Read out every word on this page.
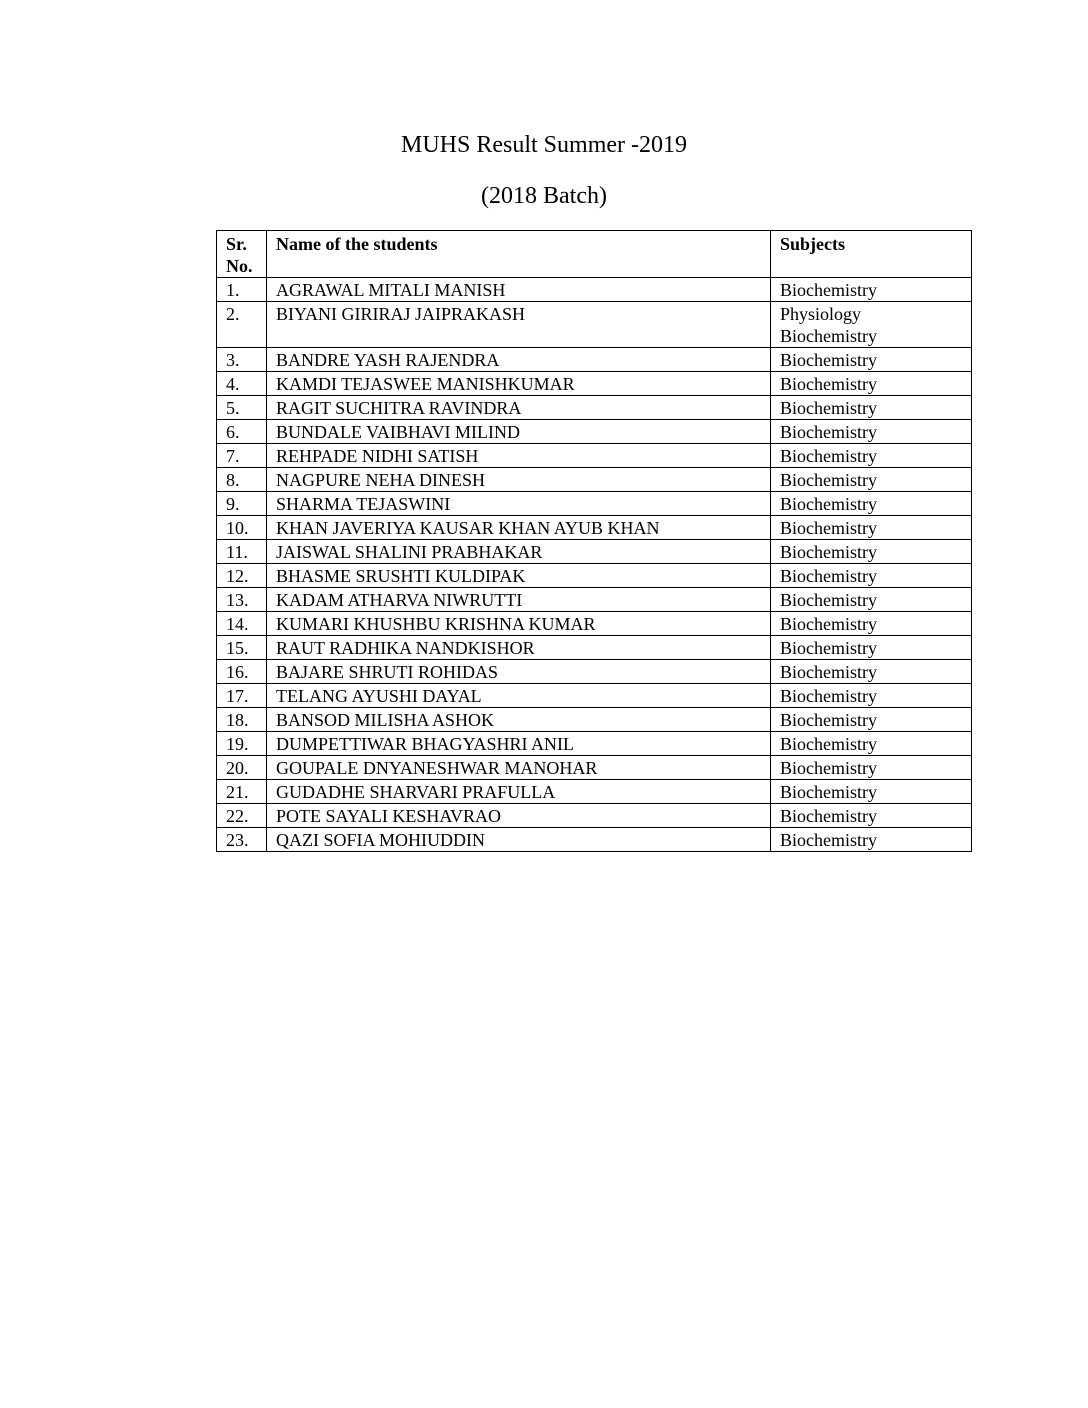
MUHS Result Summer -2019
(2018 Batch)
Sr.
No.	Name of the students	Subjects
1.	AGRAWAL MITALI MANISH	Biochemistry

2.	BIYANI GIRIRAJ JAIPRAKASH	Physiology
Biochemistry

3.	BANDRE YASH RAJENDRA	Biochemistry

4.	KAMDI TEJASWEE MANISHKUMAR	Biochemistry

5.	RAGIT SUCHITRA RAVINDRA	Biochemistry

6.	BUNDALE VAIBHAVI MILIND	Biochemistry

7.	REHPADE NIDHI SATISH	Biochemistry

8.	NAGPURE NEHA DINESH	Biochemistry

9.	SHARMA TEJASWINI	Biochemistry

10.	KHAN JAVERIYA KAUSAR KHAN AYUB KHAN	Biochemistry

11.	JAISWAL SHALINI PRABHAKAR	Biochemistry

12.	BHASME SRUSHTI KULDIPAK	Biochemistry

13.	KADAM ATHARVA NIWRUTTI	Biochemistry

14.	KUMARI KHUSHBU KRISHNA KUMAR	Biochemistry

15.	RAUT RADHIKA NANDKISHOR	Biochemistry

16.	BAJARE SHRUTI ROHIDAS	Biochemistry

17.	TELANG AYUSHI DAYAL	Biochemistry

18.	BANSOD MILISHA ASHOK	Biochemistry

19.	DUMPETTIWAR BHAGYASHRI ANIL	Biochemistry

20.	GOUPALE DNYANESHWAR MANOHAR	Biochemistry

21.	GUDADHE SHARVARI PRAFULLA	Biochemistry

22.	POTE SAYALI KESHAVRAO	Biochemistry

23.	QAZI SOFIA MOHIUDDIN	Biochemistry
